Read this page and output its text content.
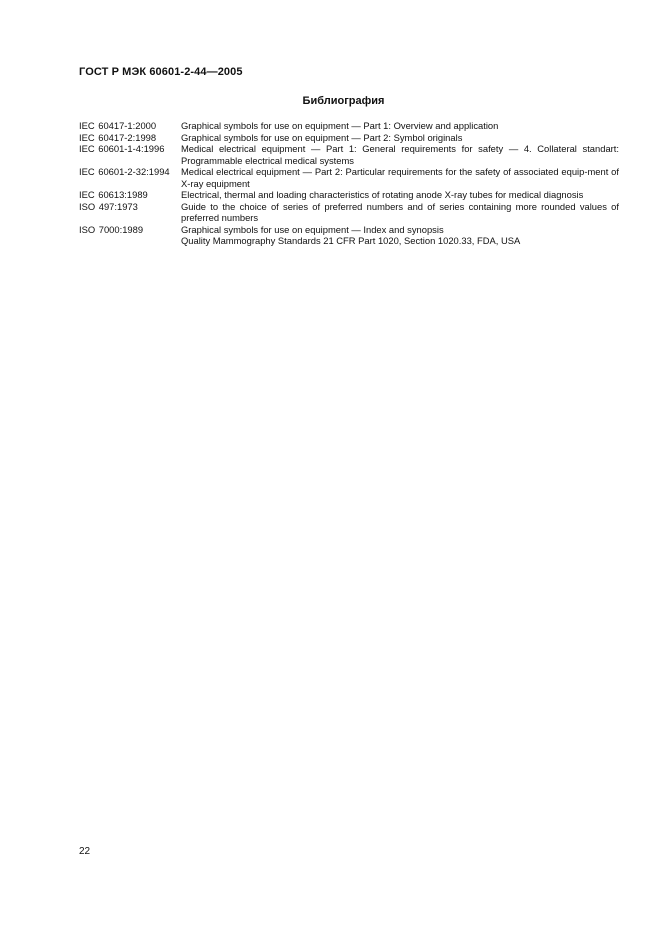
ГОСТ Р МЭК 60601-2-44—2005
Библиография
IEC 60417-1:2000	Graphical symbols for use on equipment — Part 1: Overview and application
IEC 60417-2:1998	Graphical symbols for use on equipment — Part 2: Symbol originals
IEC 60601-1-4:1996	Medical electrical equipment — Part 1: General requirements for safety — 4. Collateral standart: Programmable electrical medical systems
IEC 60601-2-32:1994	Medical electrical equipment — Part 2: Particular requirements for the safety of associated equip-ment of X-ray equipment
IEC 60613:1989	Electrical, thermal and loading characteristics of rotating anode X-ray tubes for medical diagnosis
ISO 497:1973	Guide to the choice of series of preferred numbers and of series containing more rounded values of preferred numbers
ISO 7000:1989	Graphical symbols for use on equipment — Index and synopsis
Quality Mammography Standards 21 CFR Part 1020, Section 1020.33, FDA, USA
22
